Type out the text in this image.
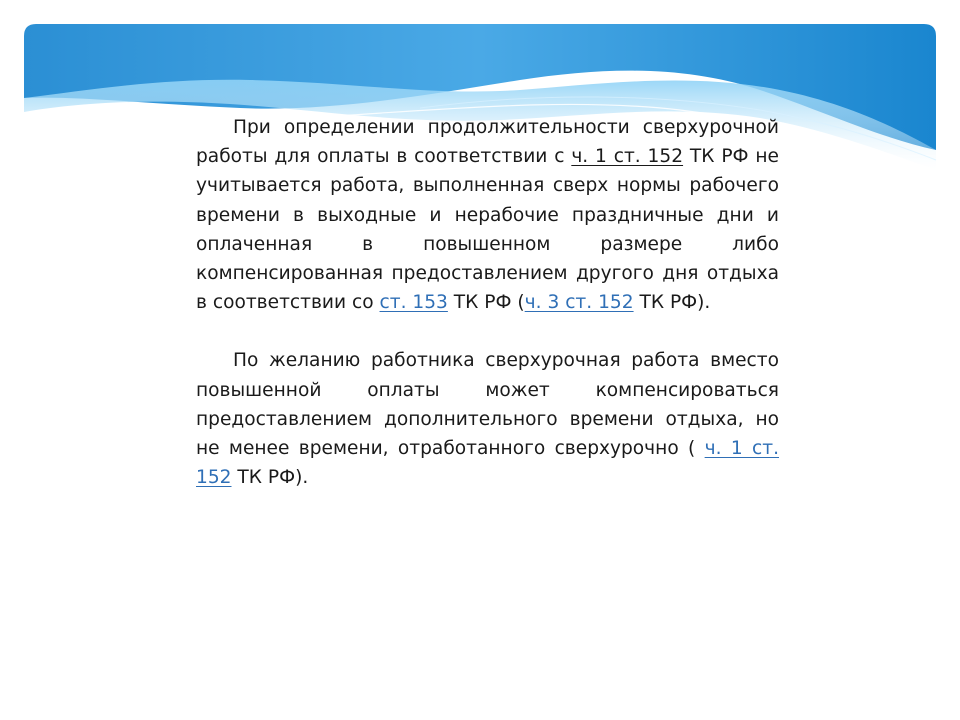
При определении продолжительности сверхурочной работы для оплаты в соответствии с ч. 1 ст. 152 ТК РФ не учитывается работа, выполненная сверх нормы рабочего времени в выходные и нерабочие праздничные дни и оплаченная в повышенном размере либо компенсированная предоставлением другого дня отдыха в соответствии со ст. 153 ТК РФ (ч. 3 ст. 152 ТК РФ).

По желанию работника сверхурочная работа вместо повышенной оплаты может компенсироваться предоставлением дополнительного времени отдыха, но не менее времени, отработанного сверхурочно ( ч. 1 ст. 152 ТК РФ).
